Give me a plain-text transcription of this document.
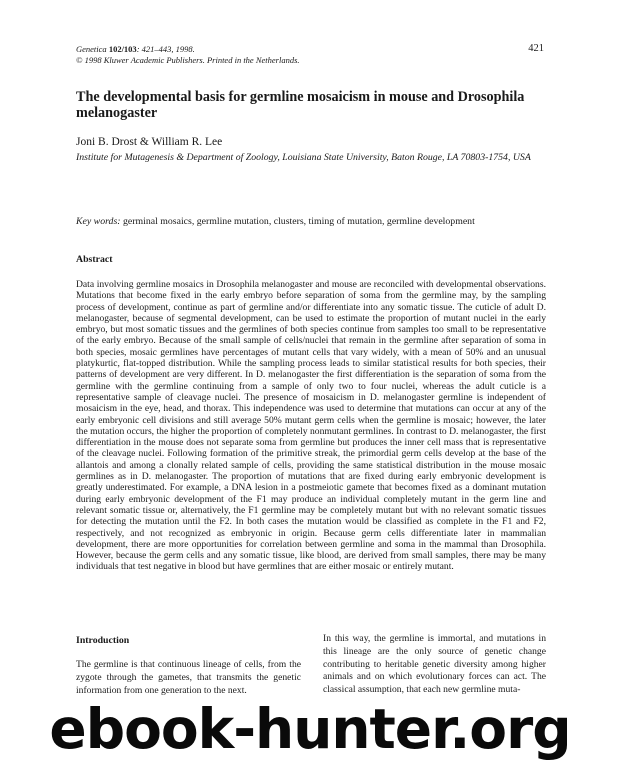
Genetica 102/103: 421–443, 1998.
© 1998 Kluwer Academic Publishers. Printed in the Netherlands.
421
The developmental basis for germline mosaicism in mouse and Drosophila melanogaster
Joni B. Drost & William R. Lee
Institute for Mutagenesis & Department of Zoology, Louisiana State University, Baton Rouge, LA 70803-1754, USA
Key words: germinal mosaics, germline mutation, clusters, timing of mutation, germline development
Abstract

Data involving germline mosaics in Drosophila melanogaster and mouse are reconciled with developmental observations. Mutations that become fixed in the early embryo before separation of soma from the germline may, by the sampling process of development, continue as part of germline and/or differentiate into any somatic tissue. The cuticle of adult D. melanogaster, because of segmental development, can be used to estimate the proportion of mutant nuclei in the early embryo, but most somatic tissues and the germlines of both species continue from samples too small to be representative of the early embryo. Because of the small sample of cells/nuclei that remain in the germline after separation of soma in both species, mosaic germlines have percentages of mutant cells that vary widely, with a mean of 50% and an unusual platykurtic, flat-topped distribution. While the sampling process leads to similar statistical results for both species, their patterns of development are very different. In D. melanogaster the first differentiation is the separation of soma from the germline with the germline continuing from a sample of only two to four nuclei, whereas the adult cuticle is a representative sample of cleavage nuclei. The presence of mosaicism in D. melanogaster germline is independent of mosaicism in the eye, head, and thorax. This independence was used to determine that mutations can occur at any of the early embryonic cell divisions and still average 50% mutant germ cells when the germline is mosaic; however, the later the mutation occurs, the higher the proportion of completely nonmutant germlines. In contrast to D. melanogaster, the first differentiation in the mouse does not separate soma from germline but produces the inner cell mass that is representative of the cleavage nuclei. Following formation of the primitive streak, the primordial germ cells develop at the base of the allantois and among a clonally related sample of cells, providing the same statistical distribution in the mouse mosaic germlines as in D. melanogaster. The proportion of mutations that are fixed during early embryonic development is greatly underestimated. For example, a DNA lesion in a postmeiotic gamete that becomes fixed as a dominant mutation during early embryonic development of the F1 may produce an individual completely mutant in the germ line and relevant somatic tissue or, alternatively, the F1 germline may be completely mutant but with no relevant somatic tissues for detecting the mutation until the F2. In both cases the mutation would be classified as complete in the F1 and F2, respectively, and not recognized as embryonic in origin. Because germ cells differentiate later in mammalian development, there are more opportunities for correlation between germline and soma in the mammal than Drosophila. However, because the germ cells and any somatic tissue, like blood, are derived from small samples, there may be many individuals that test negative in blood but have germlines that are either mosaic or entirely mutant.

Introduction

The germline is that continuous lineage of cells, from the zygote through the gametes, that transmits the genetic information from one generation to the next.

In this way, the germline is immortal, and mutations in this lineage are the only source of genetic change contributing to heritable genetic diversity among higher animals and on which evolutionary forces can act. The classical assumption, that each new germline muta-

ebook-hunter.org
